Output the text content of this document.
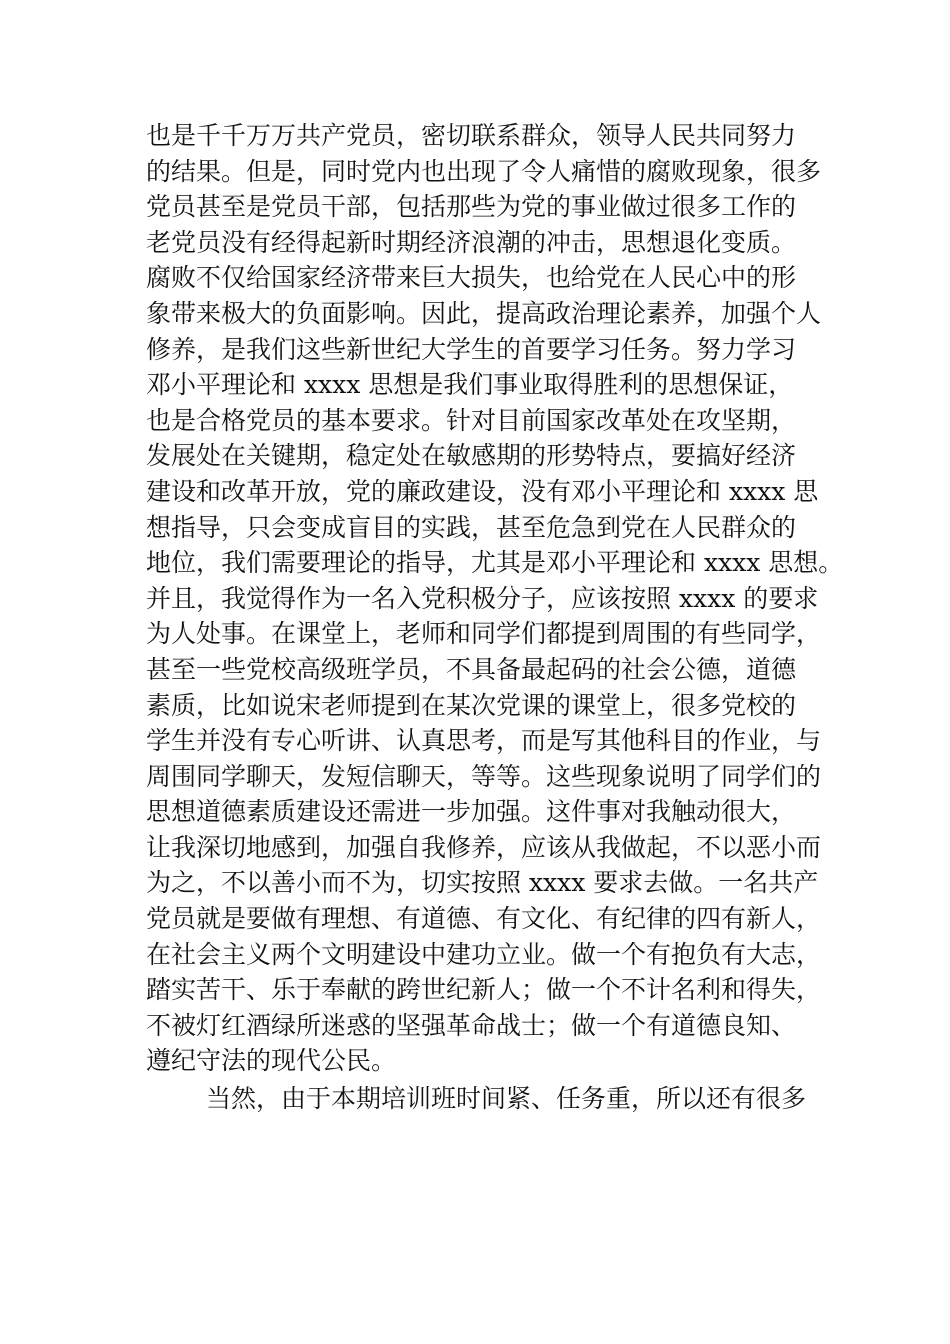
也是千千万万共产党员，密切联系群众，领导人民共同努力
的结果。但是，同时党内也出现了令人痛惜的腐败现象，很多
党员甚至是党员干部，包括那些为党的事业做过很多工作的
老党员没有经得起新时期经济浪潮的冲击，思想退化变质。
腐败不仅给国家经济带来巨大损失，也给党在人民心中的形
象带来极大的负面影响。因此，提高政治理论素养，加强个人
修养，是我们这些新世纪大学生的首要学习任务。努力学习
邓小平理论和 xxxx 思想是我们事业取得胜利的思想保证，
也是合格党员的基本要求。针对目前国家改革处在攻坚期，
发展处在关键期，稳定处在敏感期的形势特点，要搞好经济
建设和改革开放，党的廉政建设，没有邓小平理论和 xxxx 思
想指导，只会变成盲目的实践，甚至危急到党在人民群众的
地位，我们需要理论的指导，尤其是邓小平理论和 xxxx 思想。
并且，我觉得作为一名入党积极分子，应该按照 xxxx 的要求
为人处事。在课堂上，老师和同学们都提到周围的有些同学，
甚至一些党校高级班学员，不具备最起码的社会公德，道德
素质，比如说宋老师提到在某次党课的课堂上，很多党校的
学生并没有专心听讲、认真思考，而是写其他科目的作业，与
周围同学聊天，发短信聊天，等等。这些现象说明了同学们的
思想道德素质建设还需进一步加强。这件事对我触动很大，
让我深切地感到，加强自我修养，应该从我做起，不以恶小而
为之，不以善小而不为，切实按照 xxxx 要求去做。一名共产
党员就是要做有理想、有道德、有文化、有纪律的四有新人，
在社会主义两个文明建设中建功立业。做一个有抱负有大志，
踏实苦干、乐于奉献的跨世纪新人；做一个不计名利和得失，
不被灯红酒绿所迷惑的坚强革命战士；做一个有道德良知、
遵纪守法的现代公民。
当然，由于本期培训班时间紧、任务重，所以还有很多
